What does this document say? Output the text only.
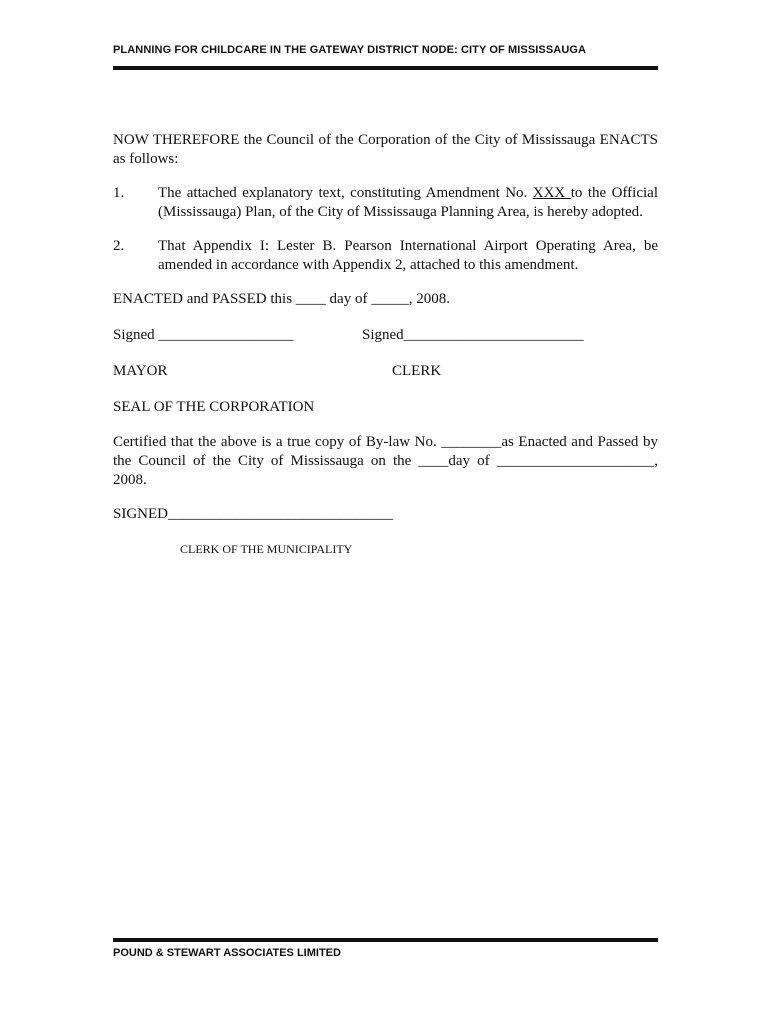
PLANNING FOR CHILDCARE IN THE GATEWAY DISTRICT NODE: CITY OF MISSISSAUGA
NOW THEREFORE the Council of the Corporation of the City of Mississauga ENACTS as follows:
1. The attached explanatory text, constituting Amendment No. XXX to the Official (Mississauga) Plan, of the City of Mississauga Planning Area, is hereby adopted.
2. That Appendix I: Lester B. Pearson International Airport Operating Area, be amended in accordance with Appendix 2, attached to this amendment.
ENACTED and PASSED this ____ day of _____, 2008.
Signed __________________	Signed________________________
MAYOR	CLERK
SEAL OF THE CORPORATION
Certified that the above is a true copy of By-law No. ________as Enacted and Passed by the Council of the City of Mississauga on the ____day of _____________________, 2008.
SIGNED______________________________
CLERK OF THE MUNICIPALITY
POUND & STEWART ASSOCIATES LIMITED
